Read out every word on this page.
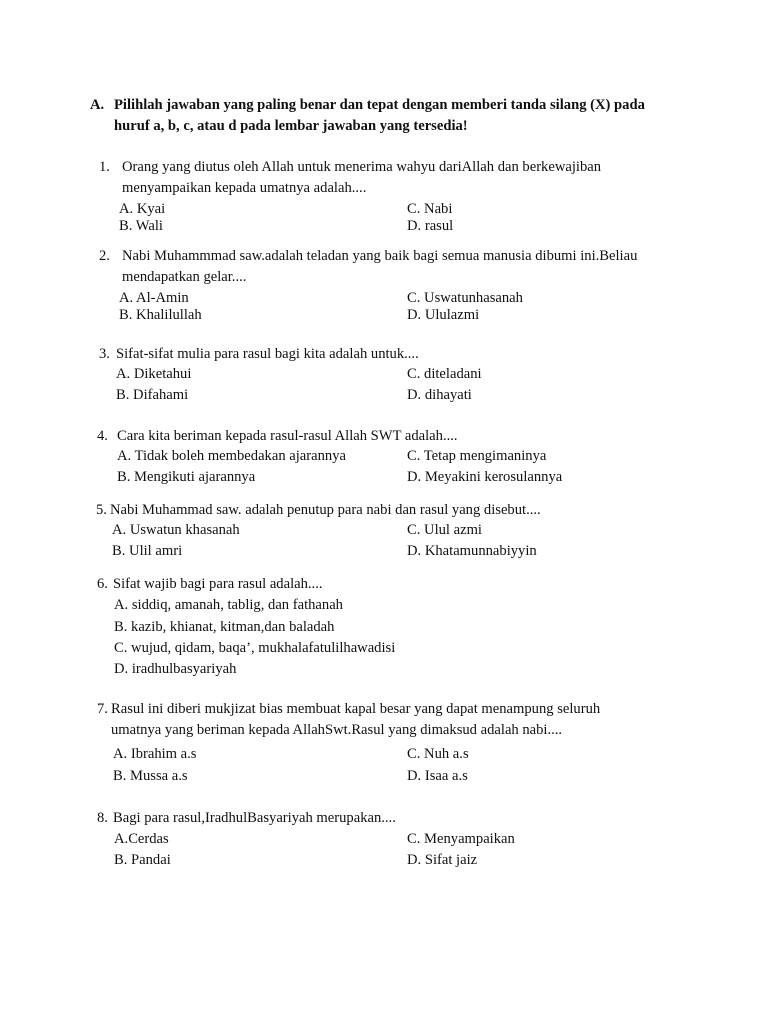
A. Pilihlah jawaban yang paling benar dan tepat dengan memberi tanda silang (X) pada
huruf a, b, c, atau d pada lembar jawaban yang tersedia!
1. Orang yang diutus oleh Allah untuk menerima wahyu dariAllah dan berkewajiban
menyampaikan kepada umatnya adalah....
A. Kyai	C. Nabi
B. Wali	D. rasul
2. Nabi Muhammmad saw.adalah teladan yang baik bagi semua manusia dibumi ini.Beliau
mendapatkan gelar....
A. Al-Amin	C. Uswatunhasanah
B. Khalilullah	D. Ululazmi
3. Sifat-sifat mulia para rasul bagi kita adalah untuk....
A. Diketahui	C. diteladani
B. Difahami	D. dihayati
4. Cara kita beriman kepada rasul-rasul Allah SWT adalah....
A. Tidak boleh membedakan ajarannya	C. Tetap mengimaninya
B. Mengikuti ajarannya	D. Meyakini kerosulannya
5. Nabi Muhammad saw. adalah penutup para nabi dan rasul yang disebut....
A. Uswatun khasanah	C. Ulul azmi
B. Ulil amri	D. Khatamunnabiyyin
6. Sifat wajib bagi para rasul adalah....
A. siddiq, amanah, tablig, dan fathanah
B. kazib, khianat, kitman,dan baladah
C. wujud, qidam, baqa’, mukhalafatulilhawadisi
D. iradhulbasyariyah
7. Rasul ini diberi mukjizat bias membuat kapal besar yang dapat menampung seluruh
umatnya yang beriman kepada AllahSwt.Rasul yang dimaksud adalah nabi....
A. Ibrahim a.s	C. Nuh a.s
B. Mussa a.s	D. Isaa a.s
8. Bagi para rasul,IradhulBasyariyah merupakan....
A.Cerdas	C. Menyampaikan
B. Pandai	D. Sifat jaiz
